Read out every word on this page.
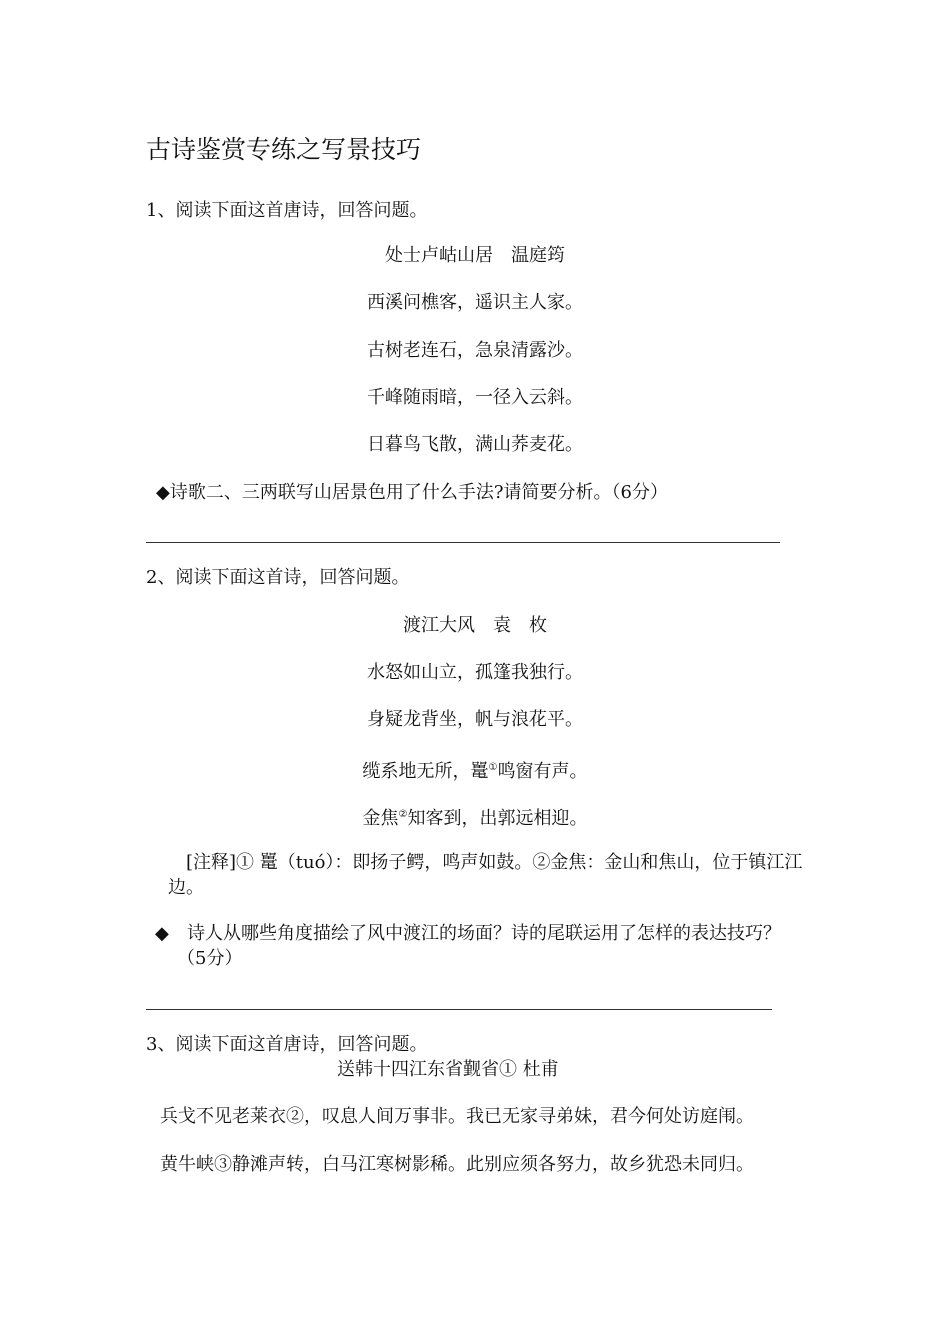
古诗鉴赏专练之写景技巧
1、阅读下面这首唐诗，回答问题。
处士卢岵山居　温庭筠
西溪问樵客，遥识主人家。
古树老连石，急泉清露沙。
千峰随雨暗，一径入云斜。
日暮鸟飞散，满山荞麦花。
◆诗歌二、三两联写山居景色用了什么手法?请简要分析。（6分）
2、阅读下面这首诗，回答问题。
渡江大风　袁　枚
水怒如山立，孤篷我独行。
身疑龙背坐，帆与浪花平。
缆系地无所，鼍①鸣窗有声。
金焦②知客到，出郭远相迎。
[注释]① 鼍（tuó）：即扬子鳄，鸣声如鼓。②金焦：金山和焦山，位于镇江江
边。
◆ 诗人从哪些角度描绘了风中渡江的场面？诗的尾联运用了怎样的表达技巧？
（5分）
3、阅读下面这首唐诗，回答问题。
送韩十四江东省觐省① 杜甫
兵戈不见老莱衣②，叹息人间万事非。我已无家寻弟妹，君今何处访庭闱。
黄牛峡③静滩声转，白马江寒树影稀。此别应须各努力，故乡犹恐未同归。
